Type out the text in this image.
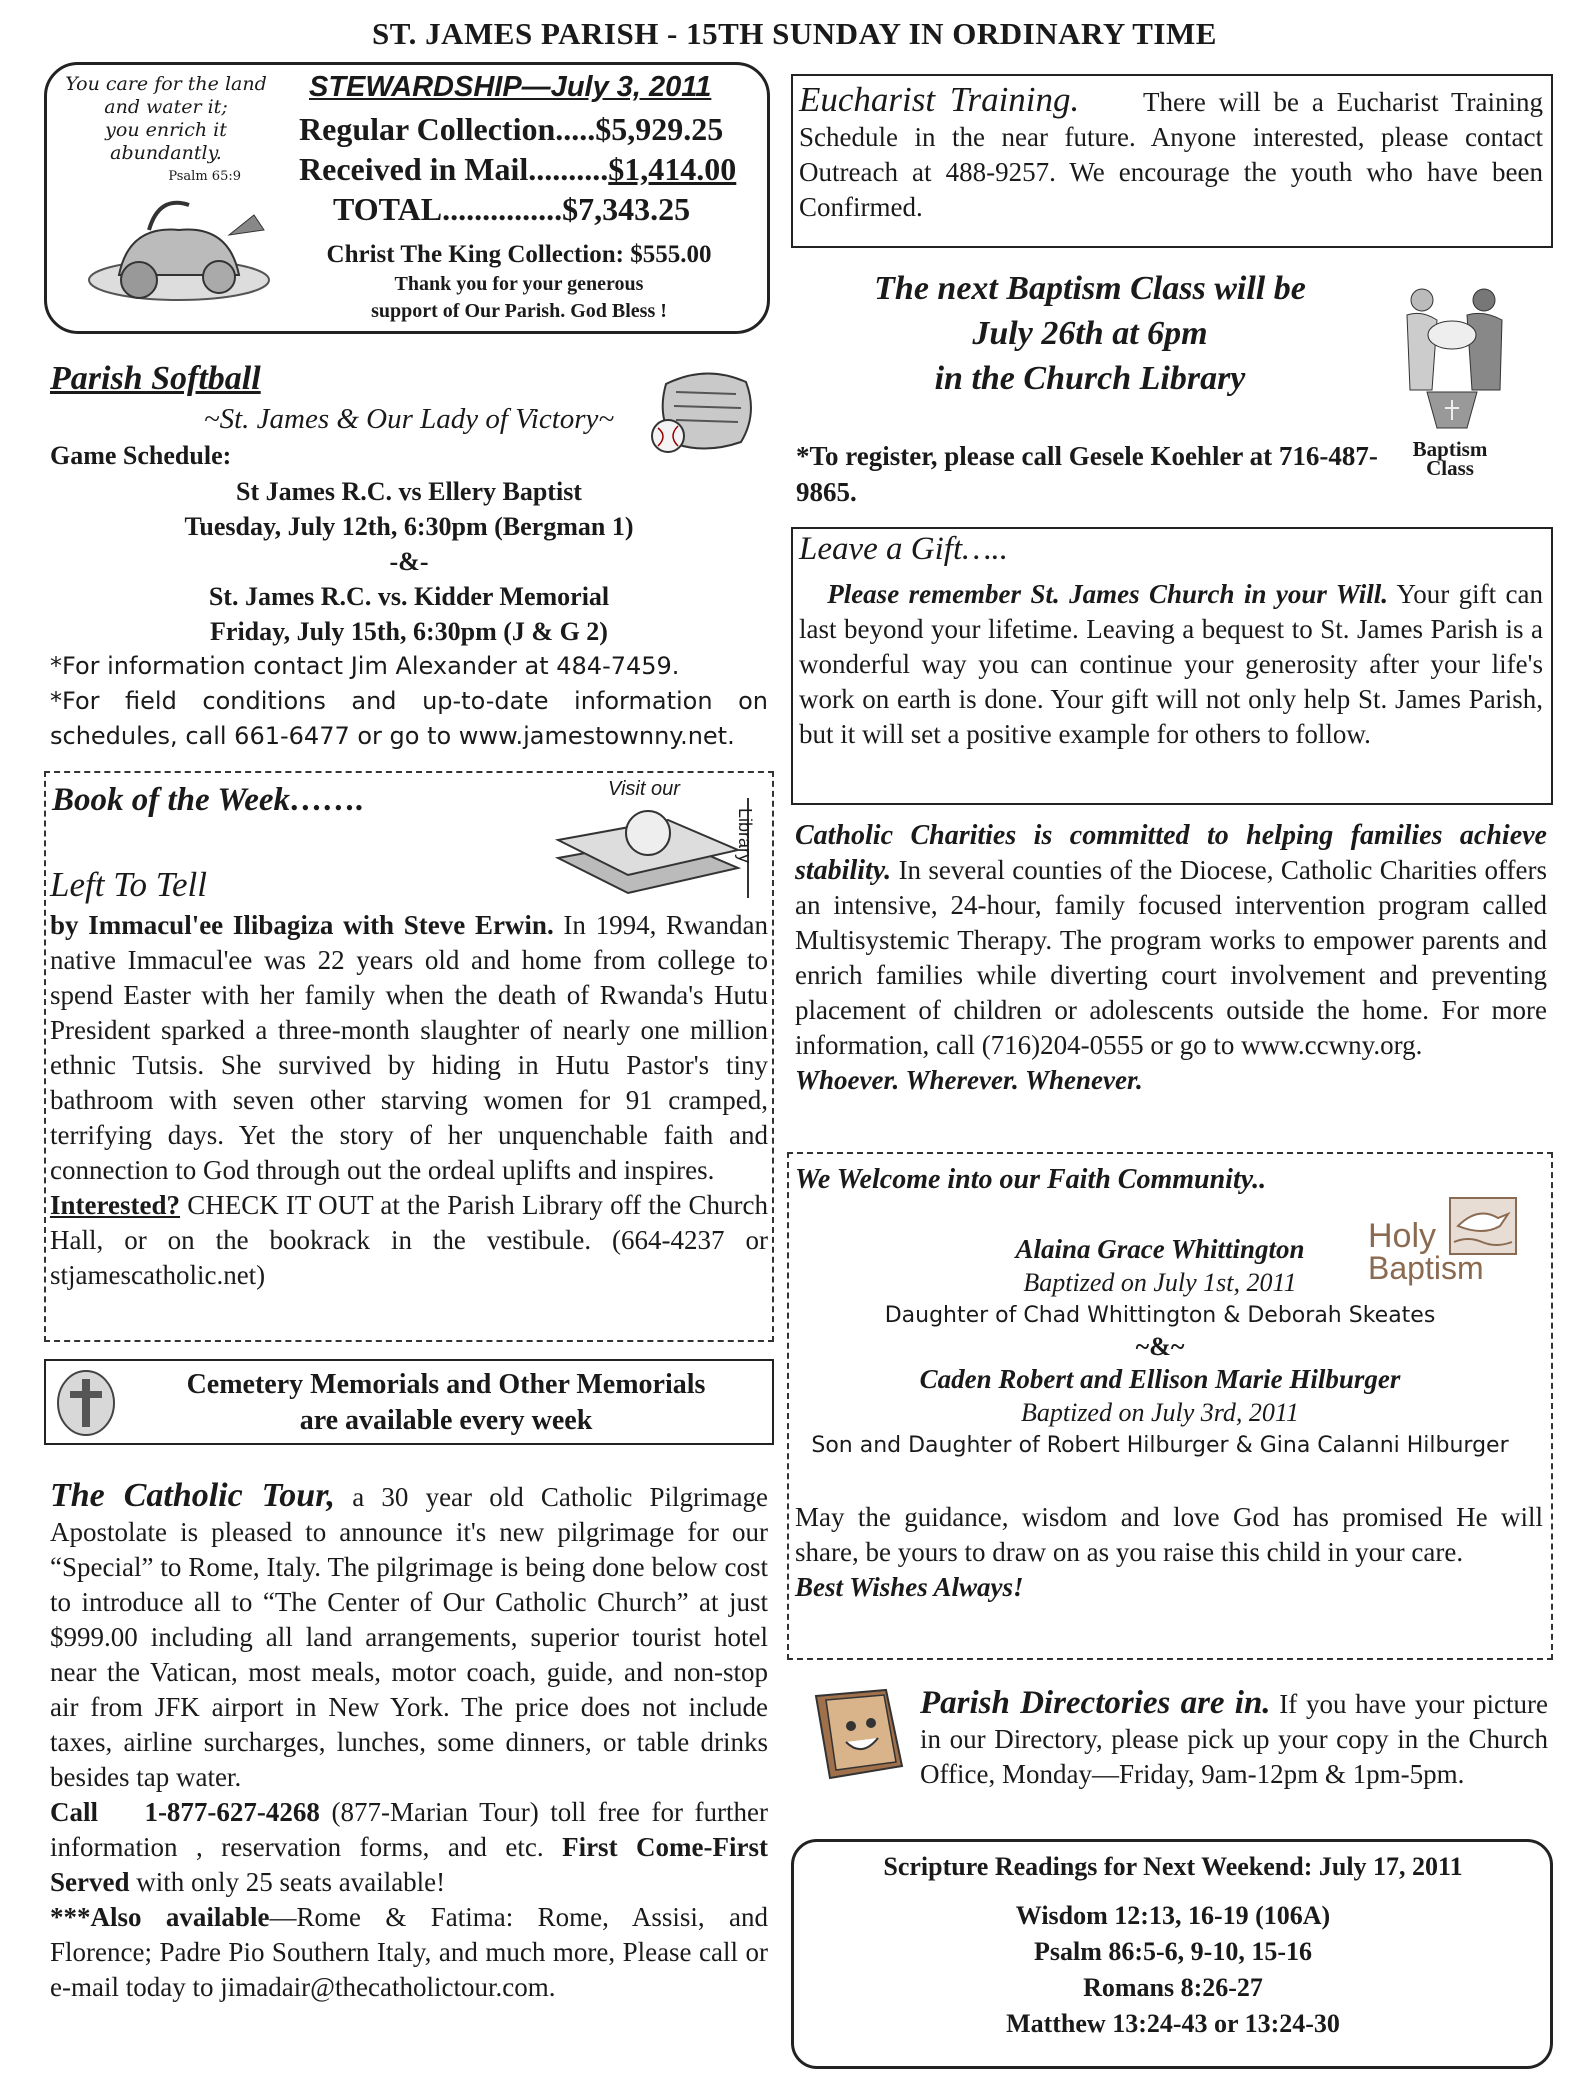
ST. JAMES PARISH - 15TH SUNDAY IN ORDINARY TIME
You care for the land
and water it;
you enrich it
abundantly.
Psalm 65:9
STEWARDSHIP—July 3, 2011
Regular Collection.....$5,929.25
Received in Mail..........$1,414.00
TOTAL...............$7,343.25
Christ The King Collection: $555.00
Thank you for your generous
support of Our Parish. God Bless !
Parish Softball
~St. James & Our Lady of Victory~
Game Schedule:
St James R.C. vs Ellery Baptist
Tuesday, July 12th, 6:30pm (Bergman 1)
-&-
St. James R.C. vs. Kidder Memorial
Friday, July 15th, 6:30pm (J & G 2)
*For information contact Jim Alexander at 484-7459.
*For field conditions and up-to-date information on schedules, call 661-6477 or go to www.jamestownny.net.
Book of the Week…….	Visit our
Library
Left To Tell
by Immacul'ee Ilibagiza with Steve Erwin. In 1994, Rwandan native Immacul'ee was 22 years old and home from college to spend Easter with her family when the death of Rwanda's Hutu President sparked a three-month slaughter of nearly one million ethnic Tutsis. She survived by hiding in Hutu Pastor's tiny bathroom with seven other starving women for 91 cramped, terrifying days. Yet the story of her unquenchable faith and connection to God through out the ordeal uplifts and inspires.
Interested? CHECK IT OUT at the Parish Library off the Church Hall, or on the bookrack in the vestibule. (664-4237 or stjamescatholic.net)
Cemetery Memorials and Other Memorials
are available every week
The Catholic Tour, a 30 year old Catholic Pilgrimage Apostolate is pleased to announce it's new pilgrimage for our “Special” to Rome, Italy. The pilgrimage is being done below cost to introduce all to “The Center of Our Catholic Church” at just $999.00 including all land arrangements, superior tourist hotel near the Vatican, most meals, motor coach, guide, and non-stop air from JFK airport in New York. The price does not include taxes, airline surcharges, lunches, some dinners, or table drinks besides tap water.
Call 1-877-627-4268 (877-Marian Tour) toll free for further information , reservation forms, and etc. First Come-First Served with only 25 seats available!
***Also available—Rome & Fatima: Rome, Assisi, and Florence; Padre Pio Southern Italy, and much more, Please call or e-mail today to jimadair@thecatholictour.com.
Eucharist Training. There will be a Eucharist Training Schedule in the near future. Anyone interested, please contact Outreach at 488-9257. We encourage the youth who have been Confirmed.
The next Baptism Class will be
July 26th at 6pm
in the Church Library
Baptism Class
*To register, please call Gesele Koehler at 716-487-9865.
Leave a Gift…..
Please remember St. James Church in your Will. Your gift can last beyond your lifetime. Leaving a bequest to St. James Parish is a wonderful way you can continue your generosity after your life's work on earth is done. Your gift will not only help St. James Parish, but it will set a positive example for others to follow.
Catholic Charities is committed to helping families achieve stability. In several counties of the Diocese, Catholic Charities offers an intensive, 24-hour, family focused intervention program called Multisystemic Therapy. The program works to empower parents and enrich families while diverting court involvement and preventing placement of children or adolescents outside the home. For more information, call (716)204-0555 or go to www.ccwny.org.
Whoever. Wherever. Whenever.
We Welcome into our Faith Community..
Holy
Baptism
Alaina Grace Whittington
Baptized on July 1st, 2011
Daughter of Chad Whittington & Deborah Skeates
~&~
Caden Robert and Ellison Marie Hilburger
Baptized on July 3rd, 2011
Son and Daughter of Robert Hilburger & Gina Calanni Hilburger
May the guidance, wisdom and love God has promised He will share, be yours to draw on as you raise this child in your care.
Best Wishes Always!
Parish Directories are in. If you have your picture in our Directory, please pick up your copy in the Church Office, Monday—Friday, 9am-12pm & 1pm-5pm.
Scripture Readings for Next Weekend: July 17, 2011
Wisdom 12:13, 16-19 (106A)
Psalm 86:5-6, 9-10, 15-16
Romans 8:26-27
Matthew 13:24-43 or 13:24-30
